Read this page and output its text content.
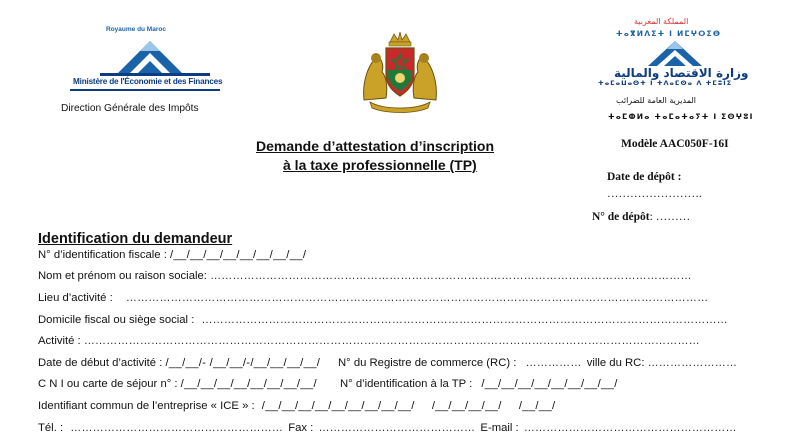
Royaume du Maroc
Ministère de l'Économie et des Finances
Direction Générale des Impôts
المملكة المغربية
ⵜⴰⴳⵍⴷⵉⵜ ⵏ ⵍⵎⵖⵔⵉⴱ
وزارة الاقتصاد والمالية
ⵜⴰⵎⴰⵡⴰⵙⵜ ⵏ ⵜⴷⴰⵎⵙⴰ ⴷ ⵜⵎⵓⵏⵉ
المديرية العامة للضرائب
ⵜⴰⵎⵀⵍⴰ ⵜⴰⵎⴰⵜⴰⵢⵜ ⵏ ⵉⵙⵖⵓⵏ
Demande d’attestation d’inscription
à la taxe professionnelle (TP)
Modèle AAC050F-16I
Date de dépôt :
…………………….
N° de dépôt: ………
Identification du demandeur
N° d’identification fiscale : /__/__/__/__/__/__/__/__/
Nom et prénom ou raison sociale: …………………………………………………………………………………………………………………
Lieu d’activité : …………………………………………………………………………………………………………………………………………
Domicile fiscal ou siège social : ……………………………………………………………………………………………………………………………
Activité : …………………………………………………………………………………………………………………………………………………
Date de début d’activité : /__/__/- /__/__/-/__/__/__/__/ N° du Registre de commerce (RC) : …………… ville du RC: ……………………
C N I ou carte de séjour n° : /__/__/__/__/__/__/__/__/ N° d’identification à la TP : /__/__/__/__/__/__/__/__/
Identifiant commun de l’entreprise « ICE » : /__/__/__/__/__/__/__/__/__/ /__/__/__/__/ /__/__/
Tél. : ………………………………………………… Fax : …………………………………… E-mail : …………………………………………………
